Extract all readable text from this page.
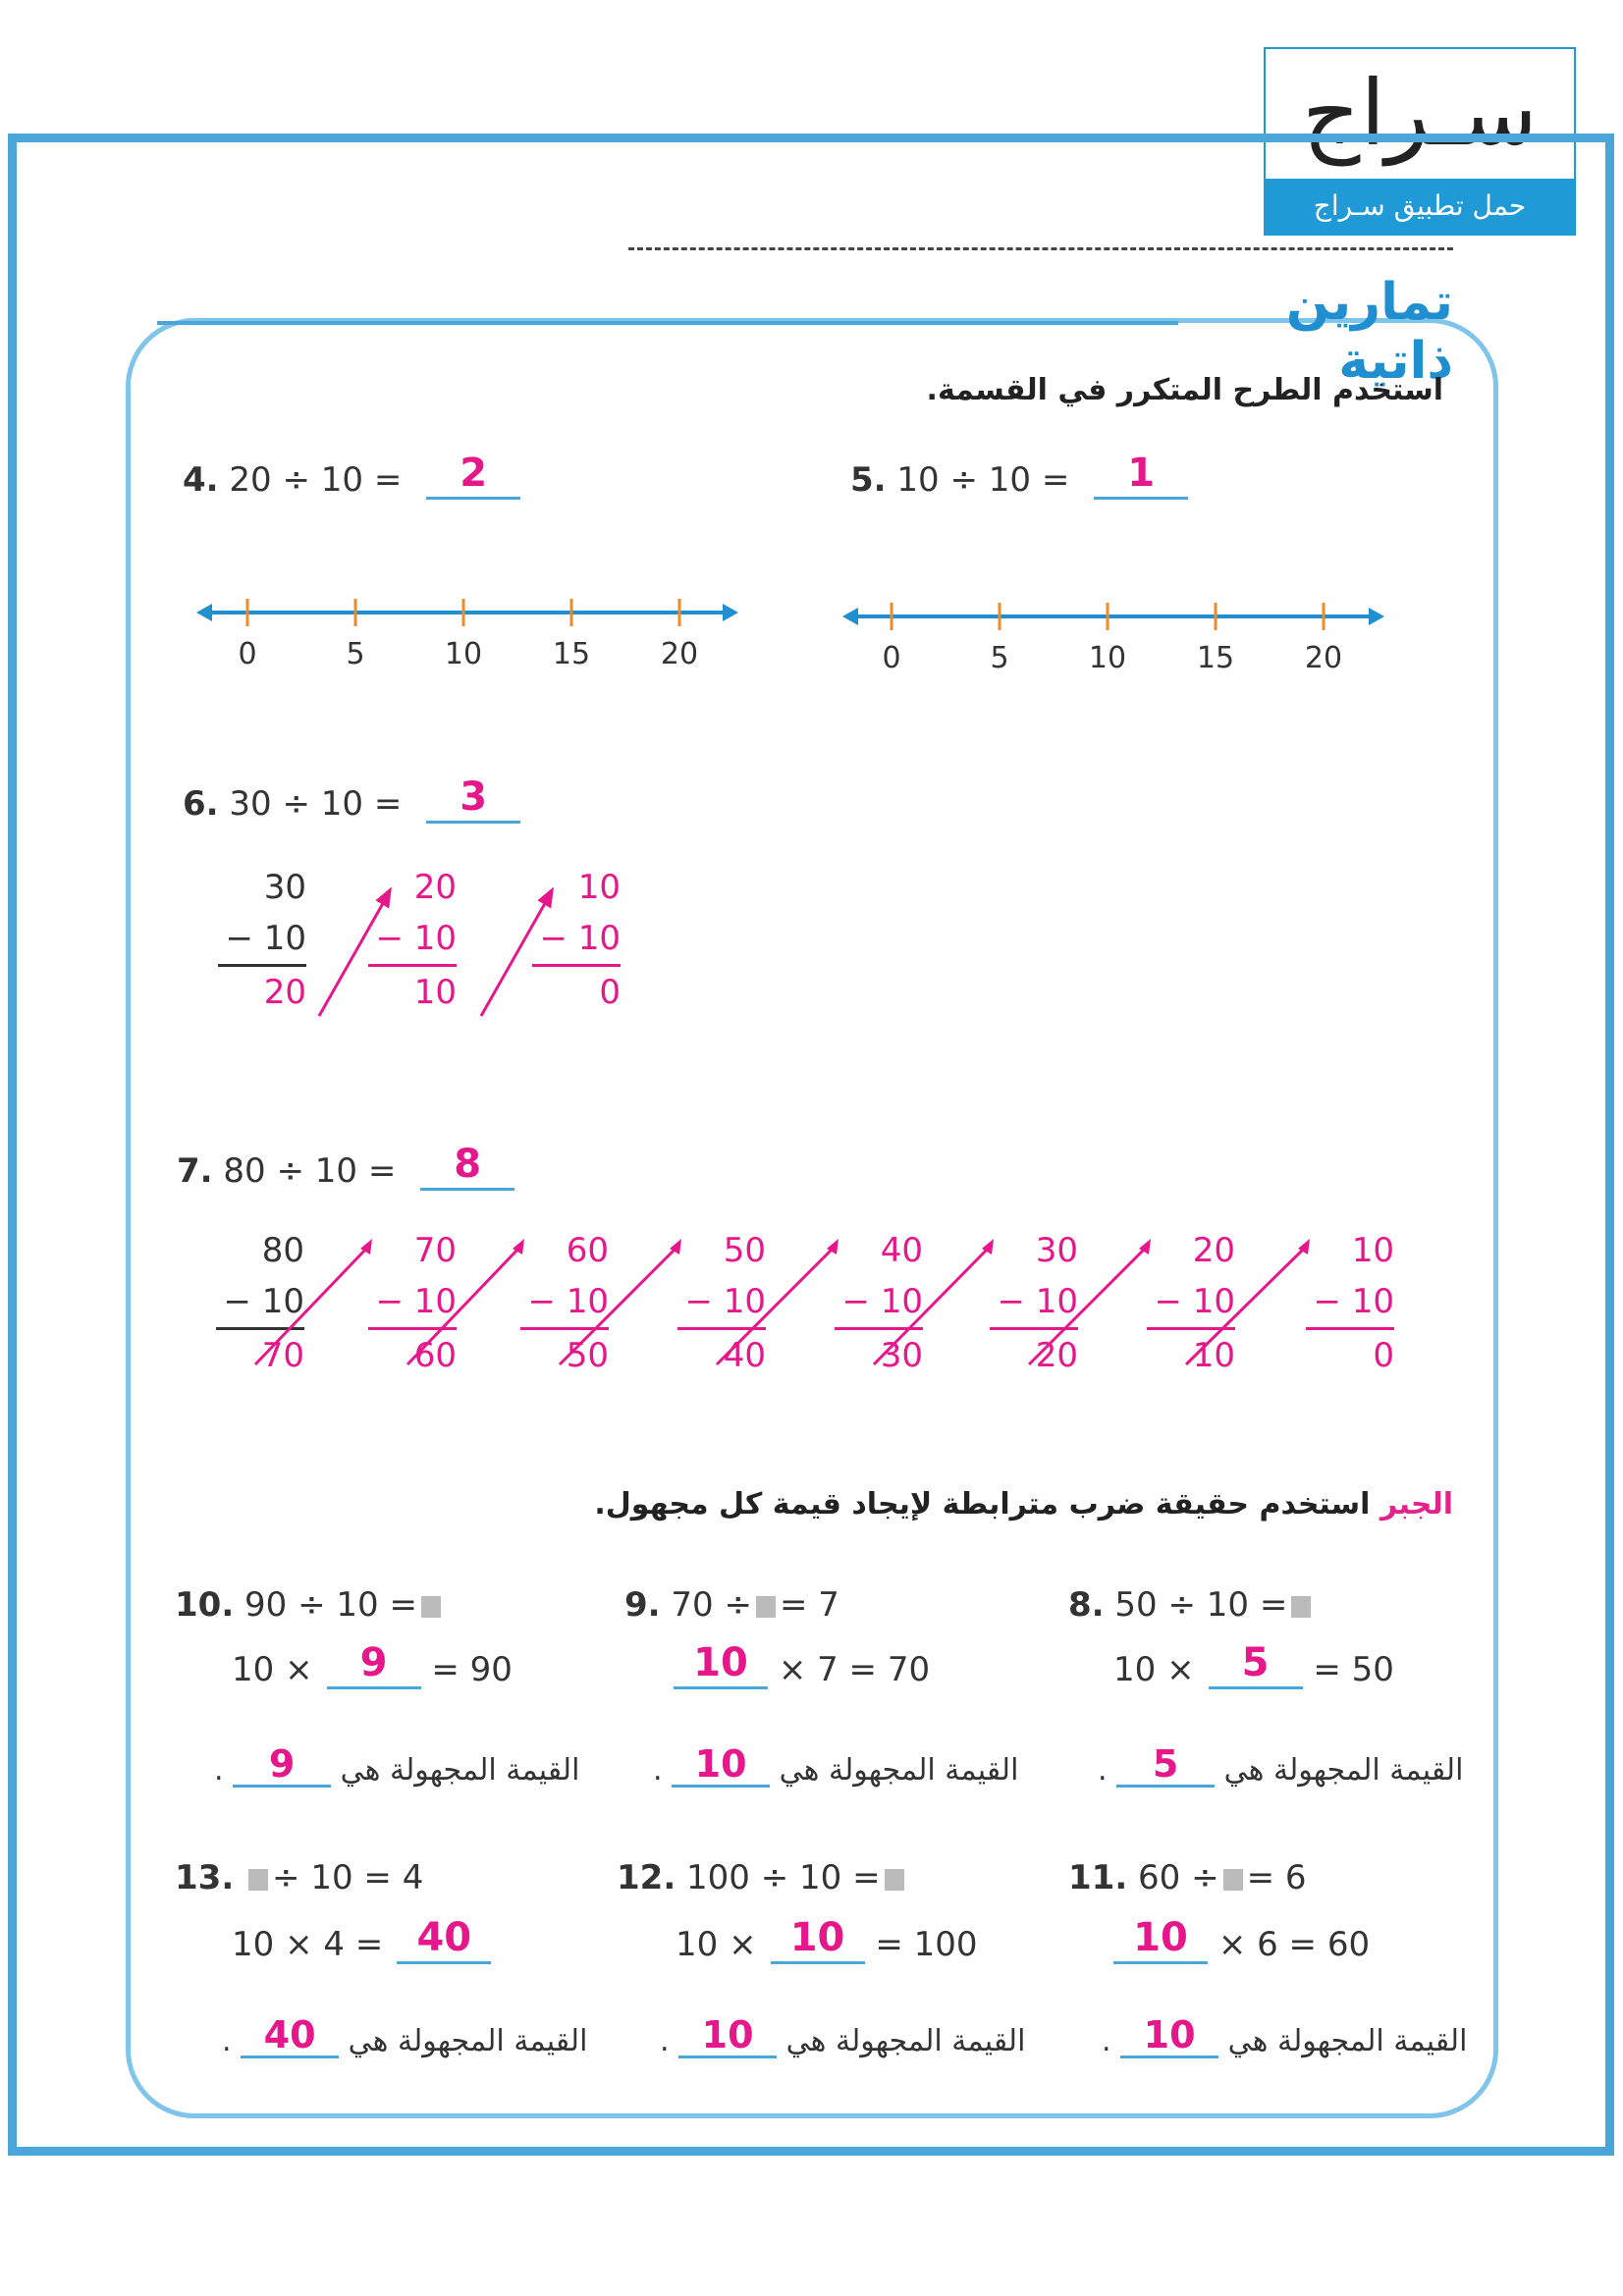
سـراج
حمل تطبيق سـراج
تمارين ذاتية
استخدم الطرح المتكرر في القسمة.
4. 20 ÷ 10 =	2	5. 10 ÷ 10 =	1
0	5	10 15 20	0	5	10 15 20
6. 30 ÷ 10 =	3
30
− 10
20
20
− 10
10
10
− 10
0
7. 80 ÷ 10 =	8
80
− 10
70
70
− 10
60
60
− 10
50
50
− 10
40
40
− 10
30
30
− 10
20
20
− 10
10
10
− 10
0
الجبر استخدم حقيقة ضرب مترابطة لإيجاد قيمة كل مجهول.
8. 50 ÷ 10 =
10 ×	5	= 50
القيمة المجهولة هي
5
.
9. 70 ÷ = 7
10 × 7 = 70
القيمة المجهولة هي
10
.
10. 90 ÷ 10 =
10 ×	9	= 90
القيمة المجهولة هي
9
.
11. 60 ÷ = 6
10 × 6 = 60
القيمة المجهولة هي
10
.
12. 100 ÷ 10 =
10 × 10 = 100
القيمة المجهولة هي
10
.
13. ÷ 10 = 4
10 × 4 = 40
القيمة المجهولة هي
40
.
